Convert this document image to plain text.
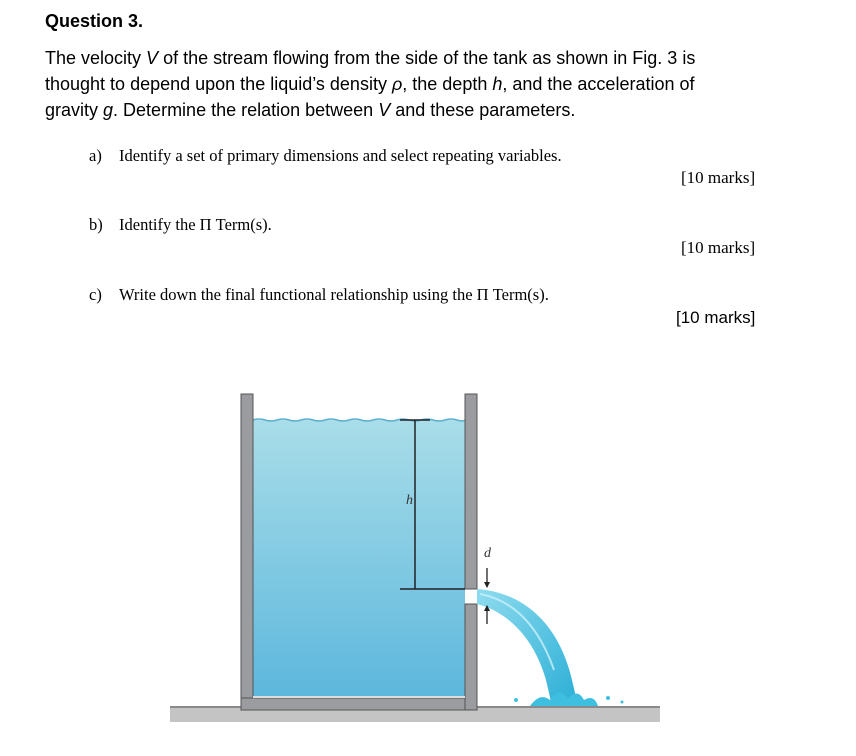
Question 3.
The velocity V of the stream flowing from the side of the tank as shown in Fig. 3 is
thought to depend upon the liquid’s density ρ, the depth h, and the acceleration of
gravity g. Determine the relation between V and these parameters.
a) Identify a set of primary dimensions and select repeating variables.
[10 marks]
b) Identify the Π Term(s).
[10 marks]
c) Write down the final functional relationship using the Π Term(s).
[10 marks]
h
d
